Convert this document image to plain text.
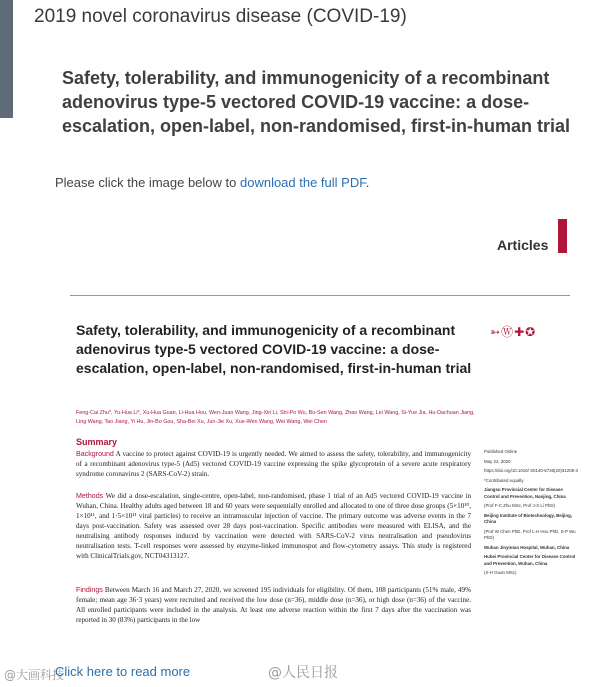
2019 novel coronavirus disease (COVID-19)
Safety, tolerability, and immunogenicity of a recombinant adenovirus type-5 vectored COVID-19 vaccine: a dose-escalation, open-label, non-randomised, first-in-human trial
Please click the image below to download the full PDF.
Articles
Safety, tolerability, and immunogenicity of a recombinant adenovirus type-5 vectored COVID-19 vaccine: a dose-escalation, open-label, non-randomised, first-in-human trial
➳Ⓦ✚✪
Feng-Cai Zhu*, Yu-Hua Li*, Xu-Hua Guan, Li-Hua Hou, Wen-Juan Wang, Jing-Xin Li, Shi-Po Wu, Bu-Sen Wang, Zhao Wang, Lei Wang, Si-Yue Jia, Hu-Dachuan Jiang, Ling Wang, Tao Jiang, Yi Hu, Jin-Bo Gou, Sha-Bei Xu, Jun-Jie Xu, Xue-Wen Wang, Wei Wang, Wei Chen
Summary
Background A vaccine to protect against COVID-19 is urgently needed. We aimed to assess the safety, tolerability, and immunogenicity of a recombinant adenovirus type-5 (Ad5) vectored COVID-19 vaccine expressing the spike glycoprotein of a severe acute respiratory syndrome coronavirus 2 (SARS-CoV-2) strain.
Methods We did a dose-escalation, single-centre, open-label, non-randomised, phase 1 trial of an Ad5 vectored COVID-19 vaccine in Wuhan, China. Healthy adults aged between 18 and 60 years were sequentially enrolled and allocated to one of three dose groups (5×10¹⁰, 1×10¹¹, and 1·5×10¹¹ viral particles) to receive an intramuscular injection of vaccine. The primary outcome was adverse events in the 7 days post-vaccination. Safety was assessed over 28 days post-vaccination. Specific antibodies were measured with ELISA, and the neutralising antibody responses induced by vaccination were detected with SARS-CoV-2 virus neutralisation and pseudovirus neutralisation tests. T-cell responses were assessed by enzyme-linked immunospot and flow-cytometry assays. This study is registered with ClinicalTrials.gov, NCT04313127.
Findings Between March 16 and March 27, 2020, we screened 195 individuals for eligibility. Of them, 108 participants (51% male, 49% female; mean age 36·3 years) were recruited and received the low dose (n=36), middle dose (n=36), or high dose (n=36) of the vaccine. All enrolled participants were included in the analysis. At least one adverse reaction within the first 7 days after the vaccination was reported in 30 (83%) participants in the low
Published Online
May 22, 2020
https://doi.org/10.1016/ S0140-6736(20)31208-3
*Contributed equally
Jiangsu Provincial Center for Disease Control and Prevention, Nanjing, China
(Prof F-C Zhu MSc, Prof J-X Li PhD)
Beijing Institute of Biotechnology, Beijing, China
(Prof W Chen PhD, Prof L-H Hou PhD, S-P Wu PhD)
Wuhan Jinyintan Hospital, Wuhan, China
Hubei Provincial Center for Disease Control and Prevention, Wuhan, China
(X-H Guan MSc)
@大画科技
Click here to read more	@人民日报
